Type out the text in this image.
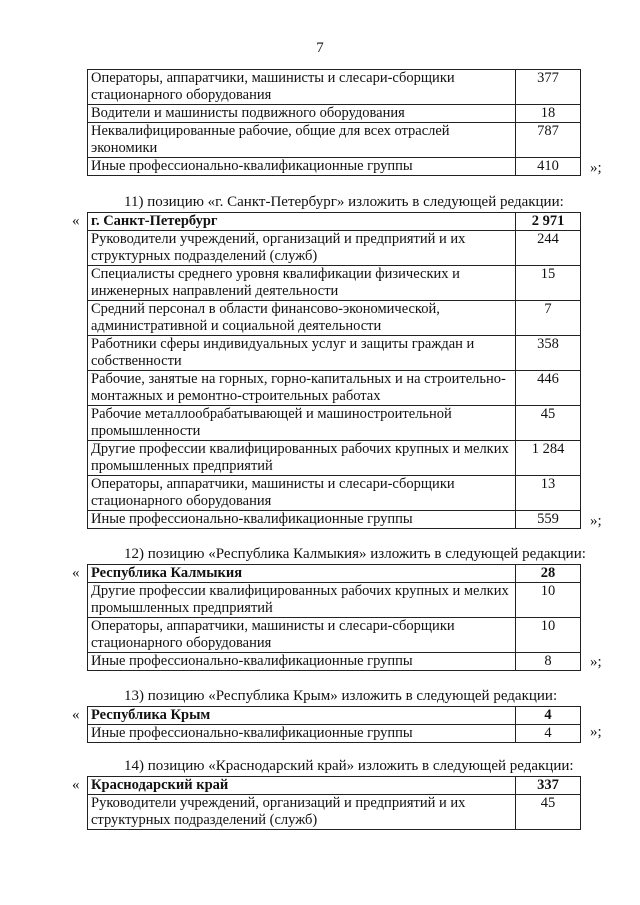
7
Операторы, аппаратчики, машинисты и слесари-сборщики стационарного оборудования	377
Водители и машинисты подвижного оборудования	18
Неквалифицированные рабочие, общие для всех отраслей экономики	787
Иные профессионально-квалификационные группы	410 »;
11) позицию «г. Санкт-Петербург» изложить в следующей редакции:
« г. Санкт-Петербург	2 971
Руководители учреждений, организаций и предприятий и их структурных подразделений (служб)	244
Специалисты среднего уровня квалификации физических и инженерных направлений деятельности	15
Средний персонал в области финансово-экономической, административной и социальной деятельности	7
Работники сферы индивидуальных услуг и защиты граждан и собственности	358
Рабочие, занятые на горных, горно-капитальных и на строительно-монтажных и ремонтно-строительных работах	446
Рабочие металлообрабатывающей и машиностроительной промышленности	45
Другие профессии квалифицированных рабочих крупных и мелких промышленных предприятий	1 284
Операторы, аппаратчики, машинисты и слесари-сборщики стационарного оборудования	13
Иные профессионально-квалификационные группы	559 »;
12) позицию «Республика Калмыкия» изложить в следующей редакции:
« Республика Калмыкия	28
Другие профессии квалифицированных рабочих крупных и мелких промышленных предприятий	10
Операторы, аппаратчики, машинисты и слесари-сборщики стационарного оборудования	10
Иные профессионально-квалификационные группы	8	»;
13) позицию «Республика Крым» изложить в следующей редакции:
« Республика Крым	4
Иные профессионально-квалификационные группы	4	»;
14) позицию «Краснодарский край» изложить в следующей редакции:
« Краснодарский край	337
Руководители учреждений, организаций и предприятий и их структурных подразделений (служб)	45
